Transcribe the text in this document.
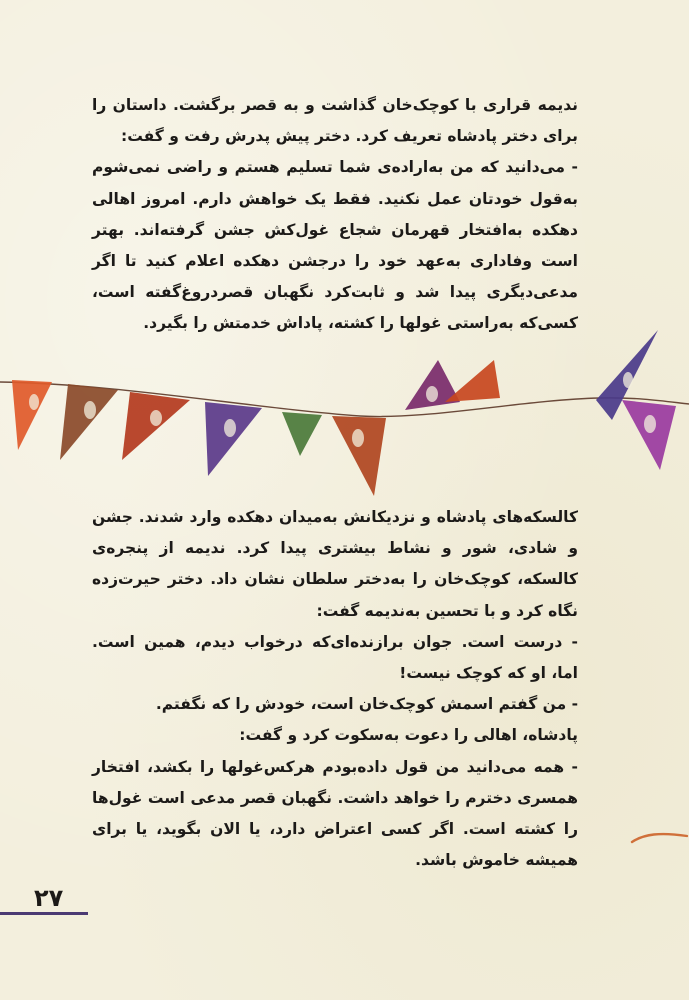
ندیمه قراری با کوچک‌خان گذاشت و به قصر برگشت. داستان را برای دختر پادشاه تعریف کرد. دختر پیش پدرش رفت و گفت:

- می‌دانید که من به‌اراده‌ی شما تسلیم هستم و راضی نمی‌شوم به‌قول خودتان عمل نکنید. فقط یک خواهش دارم. امروز اهالی دهکده به‌افتخار قهرمان شجاع غول‌کش جشن گرفته‌اند. بهتر است وفاداری به‌عهد خود را درجشن دهکده اعلام کنید تا اگر مدعی‌دیگری پیدا شد و ثابت‌کرد نگهبان قصردروغ‌گفته است، کسی‌که به‌راستی غولها را کشته، پاداش خدمتش را بگیرد.

کالسکه‌های پادشاه و نزدیکانش به‌میدان دهکده وارد شدند. جشن و شادی، شور و نشاط بیشتری پیدا کرد. ندیمه از پنجره‌ی کالسکه، کوچک‌خان را به‌دختر سلطان نشان داد. دختر حیرت‌زده نگاه کرد و با تحسین به‌ندیمه گفت:

- درست است. جوان برازنده‌ای‌که درخواب دیدم، همین است. اما، او که کوچک نیست!

- من گفتم اسمش کوچک‌خان است، خودش را که نگفتم.

پادشاه، اهالی را دعوت به‌سکوت کرد و گفت:

- همه می‌دانید من قول داده‌بودم هرکس‌غولها را بکشد، افتخار همسری دخترم را خواهد داشت. نگهبان قصر مدعی است غول‌ها را کشته است. اگر کسی اعتراض دارد، یا الان بگوید، یا برای همیشه خاموش باشد.

۲۷
